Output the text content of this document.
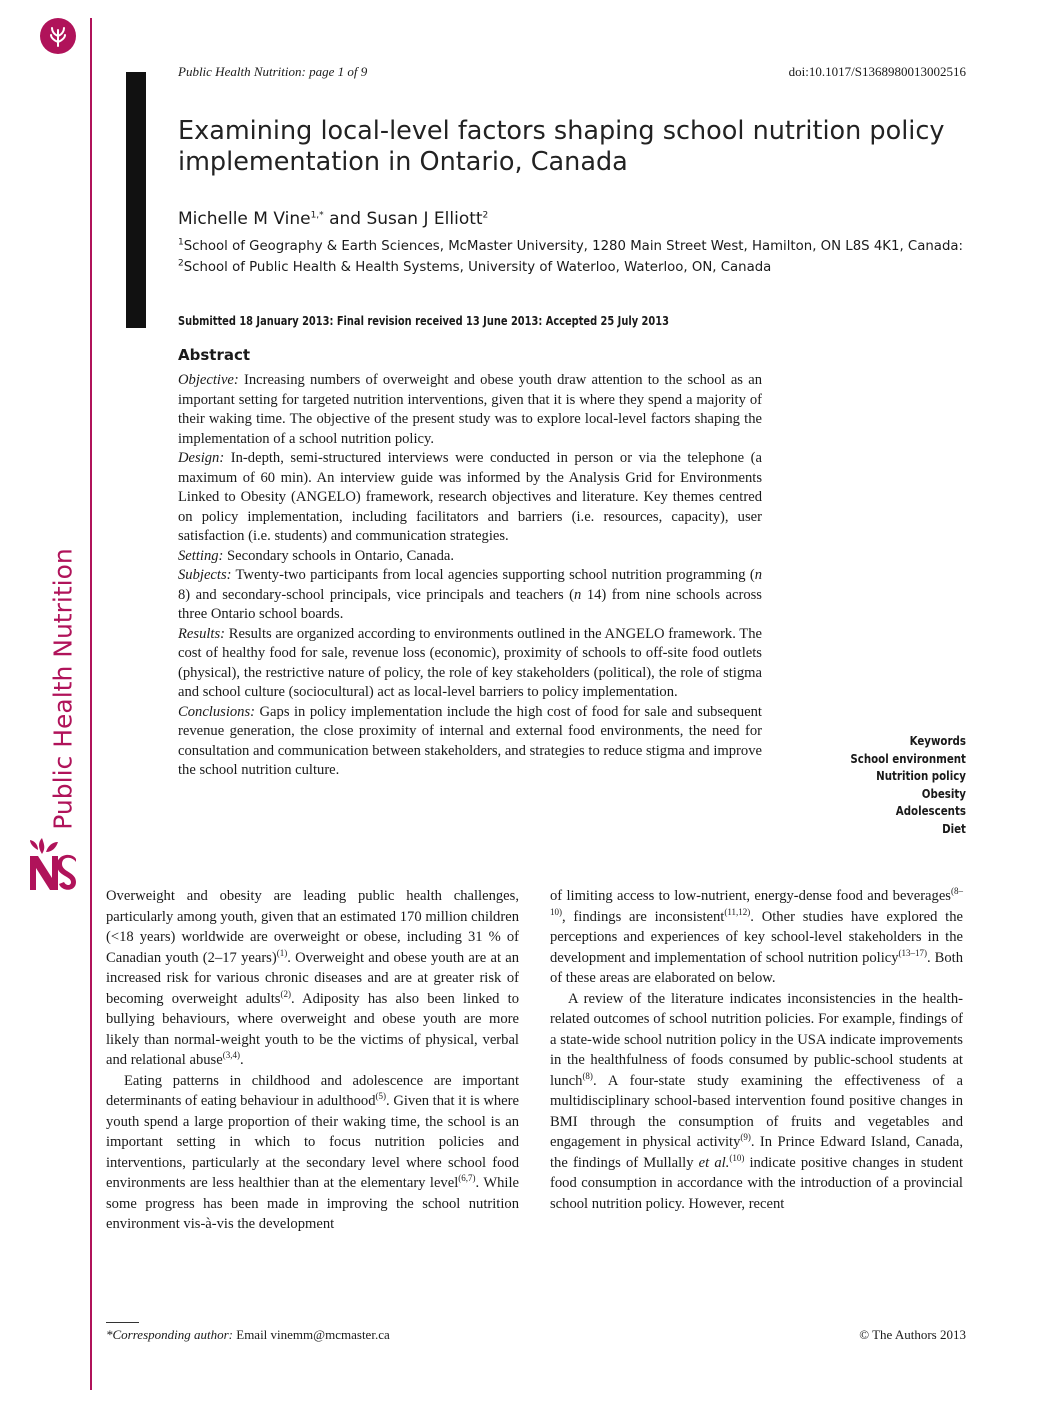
Public Health Nutrition
Public Health Nutrition: page 1 of 9	doi:10.1017/S1368980013002516
Examining local-level factors shaping school nutrition policy implementation in Ontario, Canada
Michelle M Vine$^{1,*}$ and Susan J Elliott$^2$
$^1$School of Geography & Earth Sciences, McMaster University, 1280 Main Street West, Hamilton, ON L8S 4K1, Canada: $^2$School of Public Health & Health Systems, University of Waterloo, Waterloo, ON, Canada
Submitted 18 January 2013: Final revision received 13 June 2013: Accepted 25 July 2013
Abstract

Objective: Increasing numbers of overweight and obese youth draw attention to the school as an important setting for targeted nutrition interventions, given that it is where they spend a majority of their waking time. The objective of the present study was to explore local-level factors shaping the implementation of a school nutrition policy.

Design: In-depth, semi-structured interviews were conducted in person or via the telephone (a maximum of 60 min). An interview guide was informed by the Analysis Grid for Environments Linked to Obesity (ANGELO) framework, research objectives and literature. Key themes centred on policy implementation, including facilitators and barriers (i.e. resources, capacity), user satisfaction (i.e. students) and communication strategies.

Setting: Secondary schools in Ontario, Canada.

Subjects: Twenty-two participants from local agencies supporting school nutrition programming (n 8) and secondary-school principals, vice principals and teachers (n 14) from nine schools across three Ontario school boards.

Results: Results are organized according to environments outlined in the ANGELO framework. The cost of healthy food for sale, revenue loss (economic), proximity of schools to off-site food outlets (physical), the restrictive nature of policy, the role of key stakeholders (political), the role of stigma and school culture (sociocultural) act as local-level barriers to policy implementation.

Conclusions: Gaps in policy implementation include the high cost of food for sale and subsequent revenue generation, the close proximity of internal and external food environments, the need for consultation and communication between stakeholders, and strategies to reduce stigma and improve the school nutrition culture.

Keywords
School environment
Nutrition policy
Obesity
Adolescents
Diet

Overweight and obesity are leading public health challenges, particularly among youth, given that an estimated 170 million children (<18 years) worldwide are overweight or obese, including 31 % of Canadian youth (2–17 years)$^{(1)}$. Overweight and obese youth are at an increased risk for various chronic diseases and are at greater risk of becoming overweight adults$^{(2)}$. Adiposity has also been linked to bullying behaviours, where overweight and obese youth are more likely than normal-weight youth to be the victims of physical, verbal and relational abuse$^{(3,4)}$.

Eating patterns in childhood and adolescence are important determinants of eating behaviour in adulthood$^{(5)}$. Given that it is where youth spend a large proportion of their waking time, the school is an important setting in which to focus nutrition policies and interventions, particularly at the secondary level where school food environments are less healthier than at the elementary level$^{(6,7)}$. While some progress has been made in improving the school nutrition environment vis-à-vis the development

of limiting access to low-nutrient, energy-dense food and beverages$^{(8-10)}$, findings are inconsistent$^{(11,12)}$. Other studies have explored the perceptions and experiences of key school-level stakeholders in the development and implementation of school nutrition policy$^{(13-17)}$. Both of these areas are elaborated on below.

A review of the literature indicates inconsistencies in the health-related outcomes of school nutrition policies. For example, findings of a state-wide school nutrition policy in the USA indicate improvements in the healthfulness of foods consumed by public-school students at lunch$^{(8)}$. A four-state study examining the effectiveness of a multidisciplinary school-based intervention found positive changes in BMI through the consumption of fruits and vegetables and engagement in physical activity$^{(9)}$. In Prince Edward Island, Canada, the findings of Mullally et al.$^{(10)}$ indicate positive changes in student food consumption in accordance with the introduction of a provincial school nutrition policy. However, recent

*Corresponding author: Email vinemm@mcmaster.ca	© The Authors 2013
